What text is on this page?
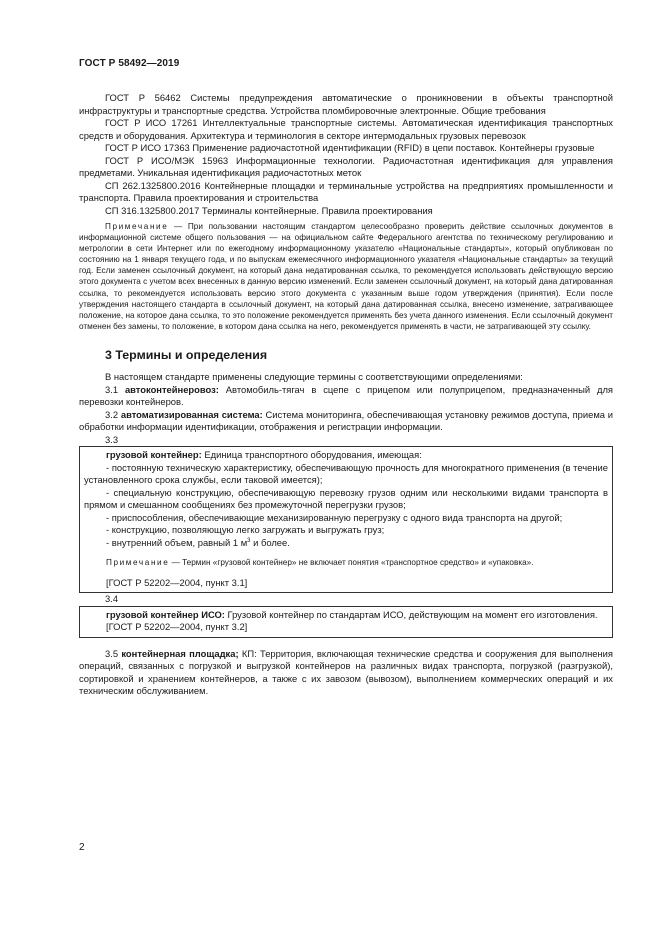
ГОСТ Р 58492—2019

ГОСТ Р 56462 Системы предупреждения автоматические о проникновении в объекты транспортной инфраструктуры и транспортные средства. Устройства пломбировочные электронные. Общие требования

ГОСТ Р ИСО 17261 Интеллектуальные транспортные системы. Автоматическая идентификация транспортных средств и оборудования. Архитектура и терминология в секторе интермодальных грузовых перевозок

ГОСТ Р ИСО 17363 Применение радиочастотной идентификации (RFID) в цепи поставок. Контейнеры грузовые

ГОСТ Р ИСО/МЭК 15963 Информационные технологии. Радиочастотная идентификация для управления предметами. Уникальная идентификация радиочастотных меток

СП 262.1325800.2016 Контейнерные площадки и терминальные устройства на предприятиях промышленности и транспорта. Правила проектирования и строительства

СП 316.1325800.2017 Терминалы контейнерные. Правила проектирования

Примечание — При пользовании настоящим стандартом целесообразно проверить действие ссылочных документов в информационной системе общего пользования — на официальном сайте Федерального агентства по техническому регулированию и метрологии в сети Интернет или по ежегодному информационному указателю «Национальные стандарты», который опубликован по состоянию на 1 января текущего года, и по выпускам ежемесячного информационного указателя «Национальные стандарты» за текущий год. Если заменен ссылочный документ, на который дана недатированная ссылка, то рекомендуется использовать действующую версию этого документа с учетом всех внесенных в данную версию изменений. Если заменен ссылочный документ, на который дана датированная ссылка, то рекомендуется использовать версию этого документа с указанным выше годом утверждения (принятия). Если после утверждения настоящего стандарта в ссылочный документ, на который дана датированная ссылка, внесено изменение, затрагивающее положение, на которое дана ссылка, то это положение рекомендуется применять без учета данного изменения. Если ссылочный документ отменен без замены, то положение, в котором дана ссылка на него, рекомендуется применять в части, не затрагивающей эту ссылку.

3 Термины и определения

В настоящем стандарте применены следующие термины с соответствующими определениями:

3.1 автоконтейнеровоз: Автомобиль-тягач в сцепе с прицепом или полуприцепом, предназначенный для перевозки контейнеров.

3.2 автоматизированная система: Система мониторинга, обеспечивающая установку режимов доступа, приема и обработки информации идентификации, отображения и регистрации информации.

3.3

грузовой контейнер: Единица транспортного оборудования, имеющая:

- постоянную техническую характеристику, обеспечивающую прочность для многократного применения (в течение установленного срока службы, если таковой имеется);

- специальную конструкцию, обеспечивающую перевозку грузов одним или несколькими видами транспорта в прямом и смешанном сообщениях без промежуточной перегрузки грузов;

- приспособления, обеспечивающие механизированную перегрузку с одного вида транспорта на другой;

- конструкцию, позволяющую легко загружать и выгружать груз;

- внутренний объем, равный 1 $м^3$ и более.

Примечание — Термин «грузовой контейнер» не включает понятия «транспортное средство» и «упаковка».

[ГОСТ Р 52202—2004, пункт 3.1]
3.4

грузовой контейнер ИСО: Грузовой контейнер по стандартам ИСО, действующим на момент его изготовления.

[ГОСТ Р 52202—2004, пункт 3.2]

3.5 контейнерная площадка; КП: Территория, включающая технические средства и сооружения для выполнения операций, связанных с погрузкой и выгрузкой контейнеров на различных видах транспорта, погрузкой (разгрузкой), сортировкой и хранением контейнеров, а также с их завозом (вывозом), выполнением коммерческих операций и их техническим обслуживанием.

2
